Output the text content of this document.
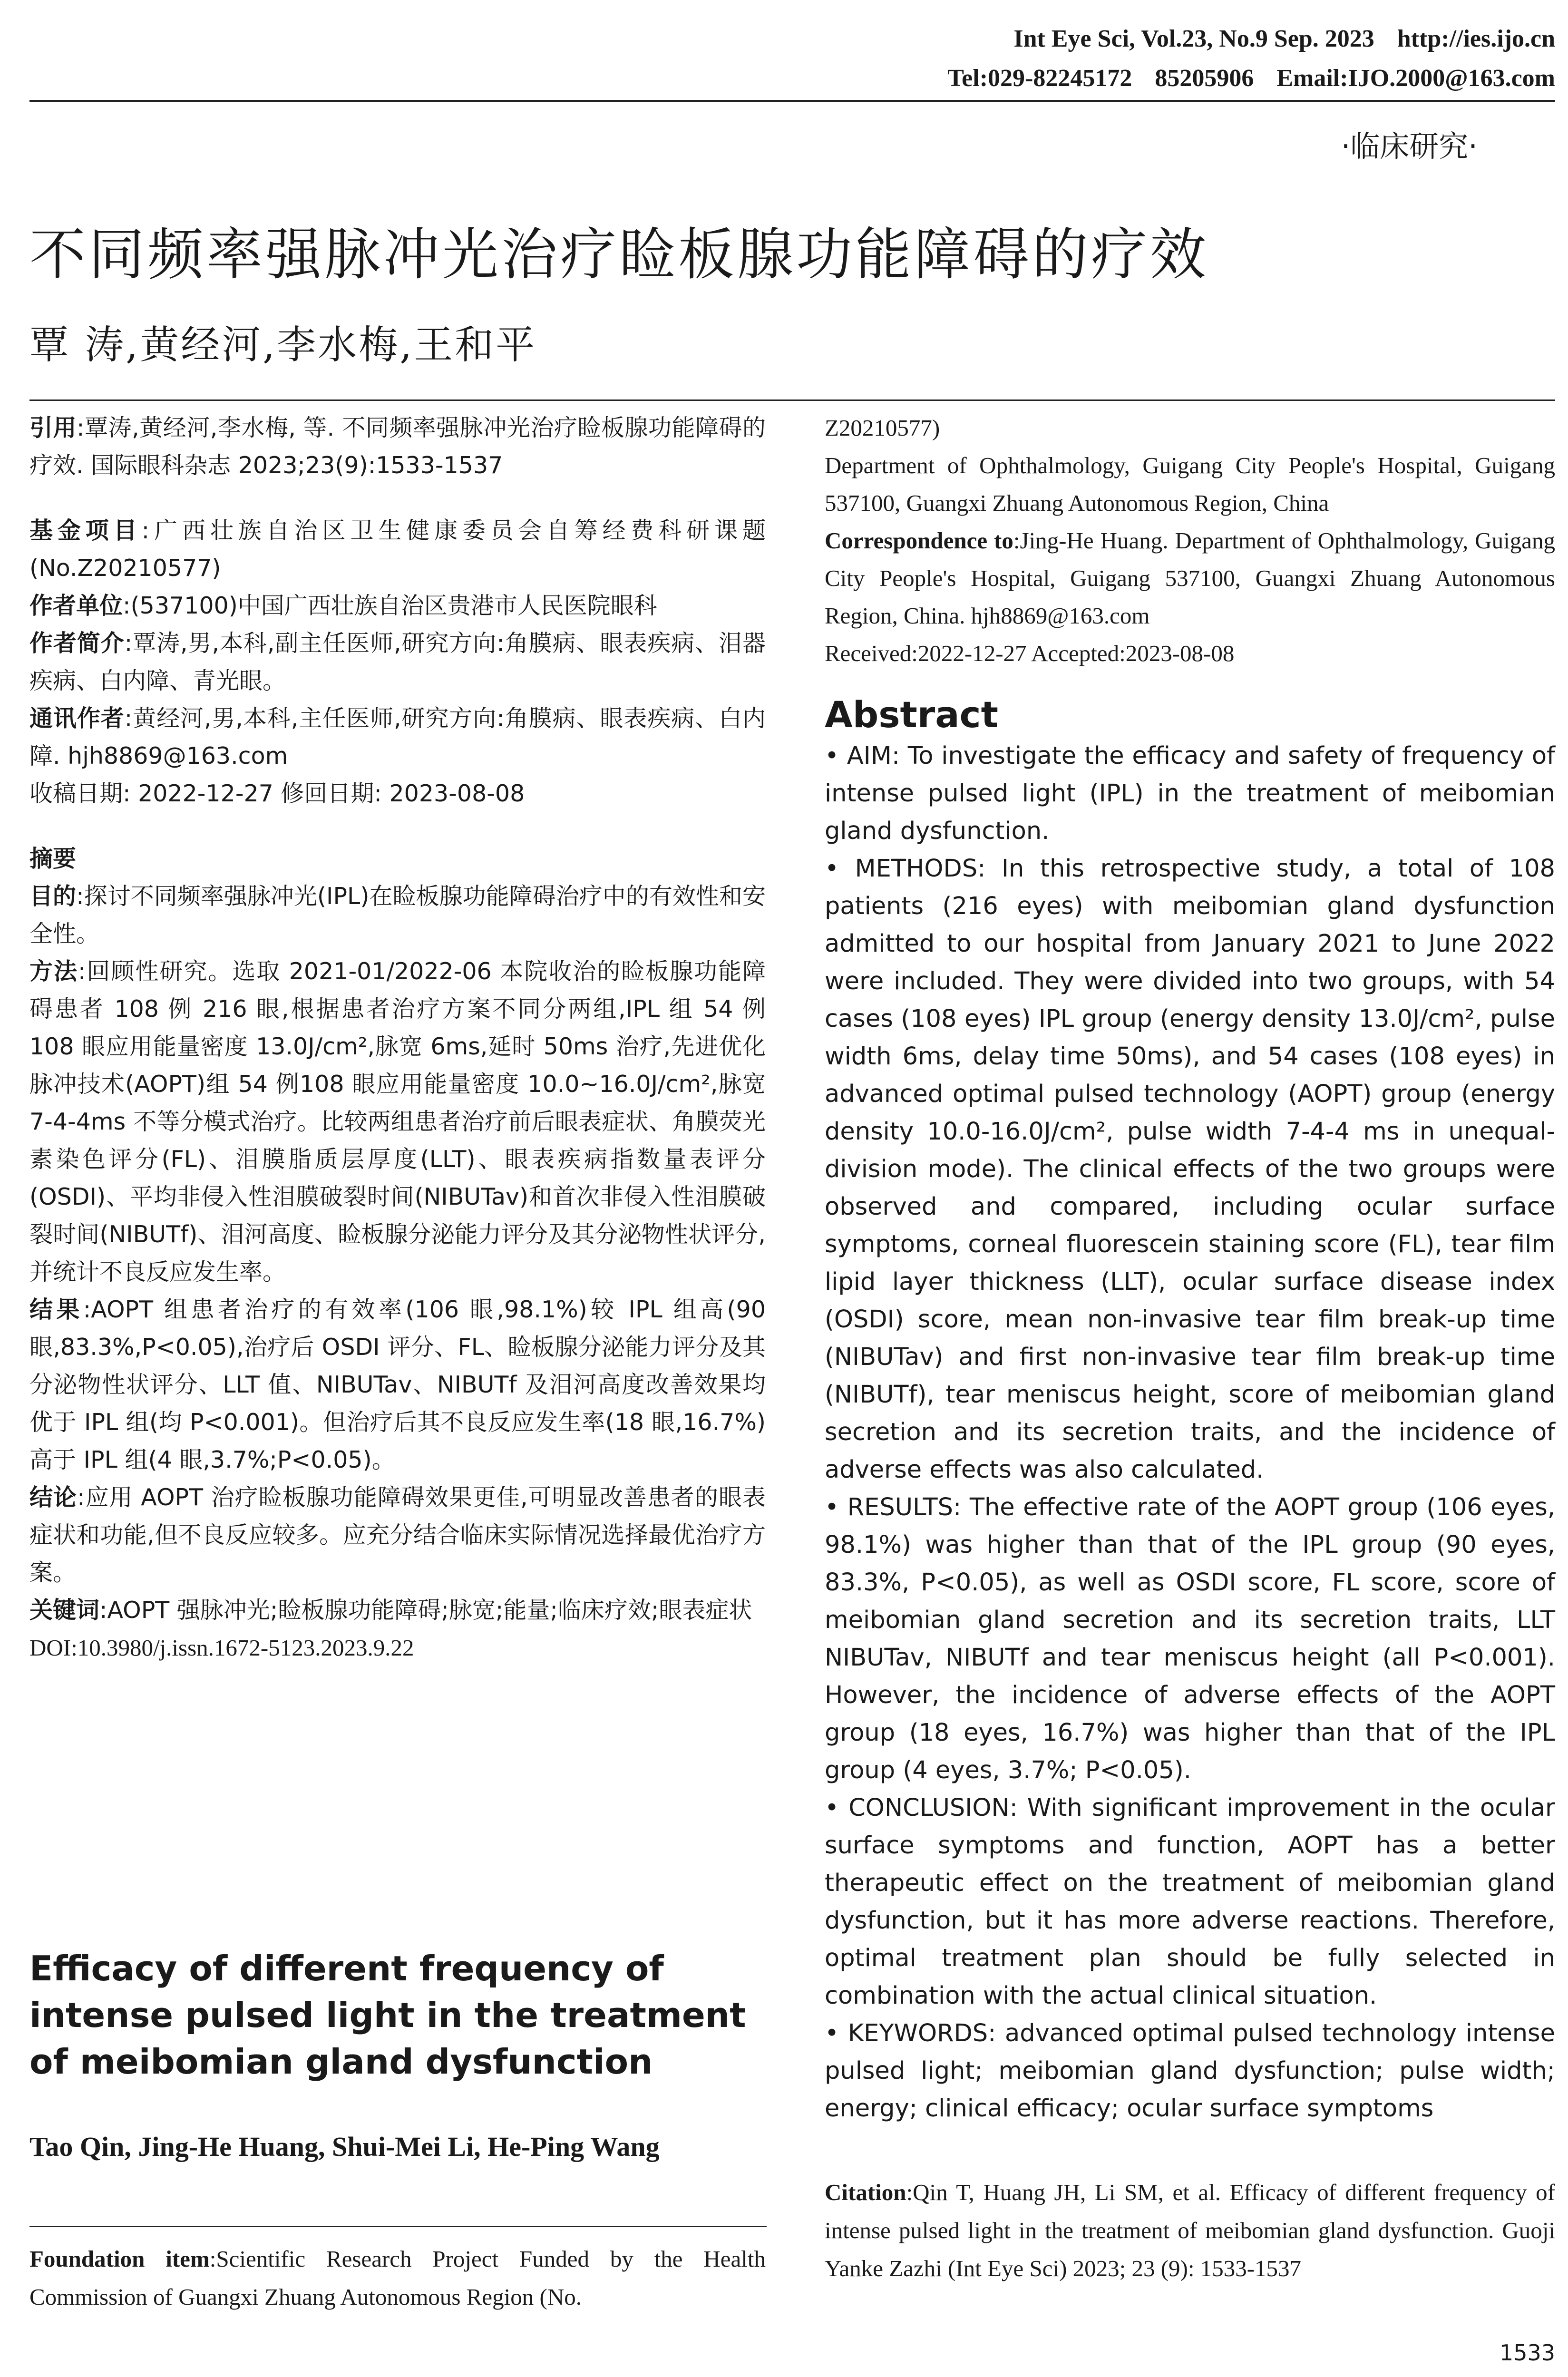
Int Eye Sci, Vol.23, No.9 Sep. 2023 http://ies.ijo.cn
Tel:029-82245172 85205906 Email:IJO.2000@163.com
·临床研究·
不同频率强脉冲光治疗睑板腺功能障碍的疗效
覃 涛,黄经河,李水梅,王和平

引用:覃涛,黄经河,李水梅, 等. 不同频率强脉冲光治疗睑板腺功能障碍的疗效. 国际眼科杂志 2023;23(9):1533-1537

基金项目:广西壮族自治区卫生健康委员会自筹经费科研课题(No.Z20210577)

作者单位:(537100)中国广西壮族自治区贵港市人民医院眼科

作者简介:覃涛,男,本科,副主任医师,研究方向:角膜病、眼表疾病、泪器疾病、白内障、青光眼。

通讯作者:黄经河,男,本科,主任医师,研究方向:角膜病、眼表疾病、白内障. hjh8869@163.com

收稿日期: 2022-12-27 修回日期: 2023-08-08

摘要

目的:探讨不同频率强脉冲光(IPL)在睑板腺功能障碍治疗中的有效性和安全性。

方法:回顾性研究。选取 2021-01/2022-06 本院收治的睑板腺功能障碍患者 108 例 216 眼,根据患者治疗方案不同分两组,IPL 组 54 例 108 眼应用能量密度 13.0J/cm²,脉宽 6ms,延时 50ms 治疗,先进优化脉冲技术(AOPT)组 54 例108 眼应用能量密度 10.0~16.0J/cm²,脉宽 7-4-4ms 不等分模式治疗。比较两组患者治疗前后眼表症状、角膜荧光素染色评分(FL)、泪膜脂质层厚度(LLT)、眼表疾病指数量表评分(OSDI)、平均非侵入性泪膜破裂时间(NIBUTav)和首次非侵入性泪膜破裂时间(NIBUTf)、泪河高度、睑板腺分泌能力评分及其分泌物性状评分,并统计不良反应发生率。

结果:AOPT 组患者治疗的有效率(106 眼,98.1%)较 IPL 组高(90 眼,83.3%,P<0.05),治疗后 OSDI 评分、FL、睑板腺分泌能力评分及其分泌物性状评分、LLT 值、NIBUTav、NIBUTf 及泪河高度改善效果均优于 IPL 组(均 P<0.001)。但治疗后其不良反应发生率(18 眼,16.7%)高于 IPL 组(4 眼,3.7%;P<0.05)。

结论:应用 AOPT 治疗睑板腺功能障碍效果更佳,可明显改善患者的眼表症状和功能,但不良反应较多。应充分结合临床实际情况选择最优治疗方案。

关键词:AOPT 强脉冲光;睑板腺功能障碍;脉宽;能量;临床疗效;眼表症状

DOI:10.3980/j.issn.1672-5123.2023.9.22

Efficacy of different frequency of intense pulsed light in the treatment of meibomian gland dysfunction
Tao Qin, Jing-He Huang, Shui-Mei Li, He-Ping Wang
Foundation item:Scientific Research Project Funded by the Health Commission of Guangxi Zhuang Autonomous Region (No.

Z20210577)

Department of Ophthalmology, Guigang City People's Hospital, Guigang 537100, Guangxi Zhuang Autonomous Region, China

Correspondence to:Jing-He Huang. Department of Ophthalmology, Guigang City People's Hospital, Guigang 537100, Guangxi Zhuang Autonomous Region, China. hjh8869@163.com

Received:2022-12-27 Accepted:2023-08-08

Abstract

• AIM: To investigate the efficacy and safety of frequency of intense pulsed light (IPL) in the treatment of meibomian gland dysfunction.

• METHODS: In this retrospective study, a total of 108 patients (216 eyes) with meibomian gland dysfunction admitted to our hospital from January 2021 to June 2022 were included. They were divided into two groups, with 54 cases (108 eyes) IPL group (energy density 13.0J/cm², pulse width 6ms, delay time 50ms), and 54 cases (108 eyes) in advanced optimal pulsed technology (AOPT) group (energy density 10.0-16.0J/cm², pulse width 7-4-4 ms in unequal-division mode). The clinical effects of the two groups were observed and compared, including ocular surface symptoms, corneal fluorescein staining score (FL), tear film lipid layer thickness (LLT), ocular surface disease index (OSDI) score, mean non-invasive tear film break-up time (NIBUTav) and first non-invasive tear film break-up time (NIBUTf), tear meniscus height, score of meibomian gland secretion and its secretion traits, and the incidence of adverse effects was also calculated.

• RESULTS: The effective rate of the AOPT group (106 eyes, 98.1%) was higher than that of the IPL group (90 eyes, 83.3%, P<0.05), as well as OSDI score, FL score, score of meibomian gland secretion and its secretion traits, LLT NIBUTav, NIBUTf and tear meniscus height (all P<0.001). However, the incidence of adverse effects of the AOPT group (18 eyes, 16.7%) was higher than that of the IPL group (4 eyes, 3.7%; P<0.05).

• CONCLUSION: With significant improvement in the ocular surface symptoms and function, AOPT has a better therapeutic effect on the treatment of meibomian gland dysfunction, but it has more adverse reactions. Therefore, optimal treatment plan should be fully selected in combination with the actual clinical situation.

• KEYWORDS: advanced optimal pulsed technology intense pulsed light; meibomian gland dysfunction; pulse width; energy; clinical efficacy; ocular surface symptoms

Citation:Qin T, Huang JH, Li SM, et al. Efficacy of different frequency of intense pulsed light in the treatment of meibomian gland dysfunction. Guoji Yanke Zazhi (Int Eye Sci) 2023; 23 (9): 1533-1537
1533
